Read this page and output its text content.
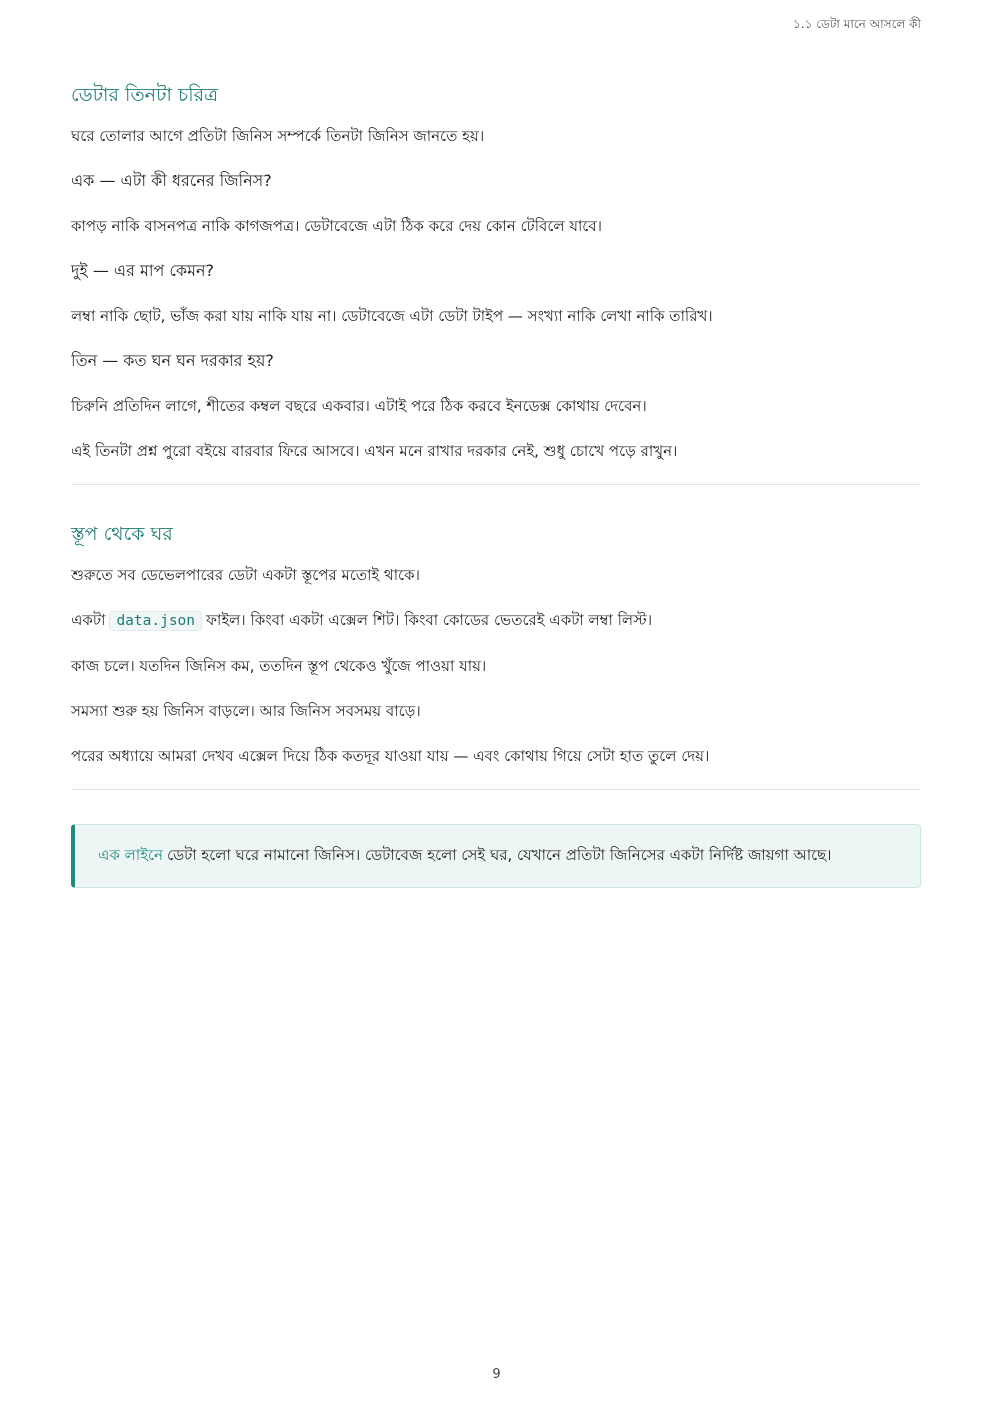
১.১ ডেটা মানে আসলে কী
ডেটার তিনটা চরিত্র

ঘরে তোলার আগে প্রতিটা জিনিস সম্পর্কে তিনটা জিনিস জানতে হয়।

এক — এটা কী ধরনের জিনিস?

কাপড় নাকি বাসনপত্র নাকি কাগজপত্র। ডেটাবেজে এটা ঠিক করে দেয় কোন টেবিলে যাবে।

দুই — এর মাপ কেমন?

লম্বা নাকি ছোট, ভাঁজ করা যায় নাকি যায় না। ডেটাবেজে এটা ডেটা টাইপ — সংখ্যা নাকি লেখা নাকি তারিখ।

তিন — কত ঘন ঘন দরকার হয়?

চিরুনি প্রতিদিন লাগে, শীতের কম্বল বছরে একবার। এটাই পরে ঠিক করবে ইনডেক্স কোথায় দেবেন।

এই তিনটা প্রশ্ন পুরো বইয়ে বারবার ফিরে আসবে। এখন মনে রাখার দরকার নেই, শুধু চোখে পড়ে রাখুন।

স্তূপ থেকে ঘর

শুরুতে সব ডেভেলপারের ডেটা একটা স্তূপের মতোই থাকে।

একটা data.json ফাইল। কিংবা একটা এক্সেল শিট। কিংবা কোডের ভেতরেই একটা লম্বা লিস্ট।

কাজ চলে। যতদিন জিনিস কম, ততদিন স্তূপ থেকেও খুঁজে পাওয়া যায়।

সমস্যা শুরু হয় জিনিস বাড়লে। আর জিনিস সবসময় বাড়ে।

পরের অধ্যায়ে আমরা দেখব এক্সেল দিয়ে ঠিক কতদূর যাওয়া যায় — এবং কোথায় গিয়ে সেটা হাত তুলে দেয়।

এক লাইনে ডেটা হলো ঘরে নামানো জিনিস। ডেটাবেজ হলো সেই ঘর, যেখানে প্রতিটা জিনিসের একটা নির্দিষ্ট জায়গা আছে।
9
